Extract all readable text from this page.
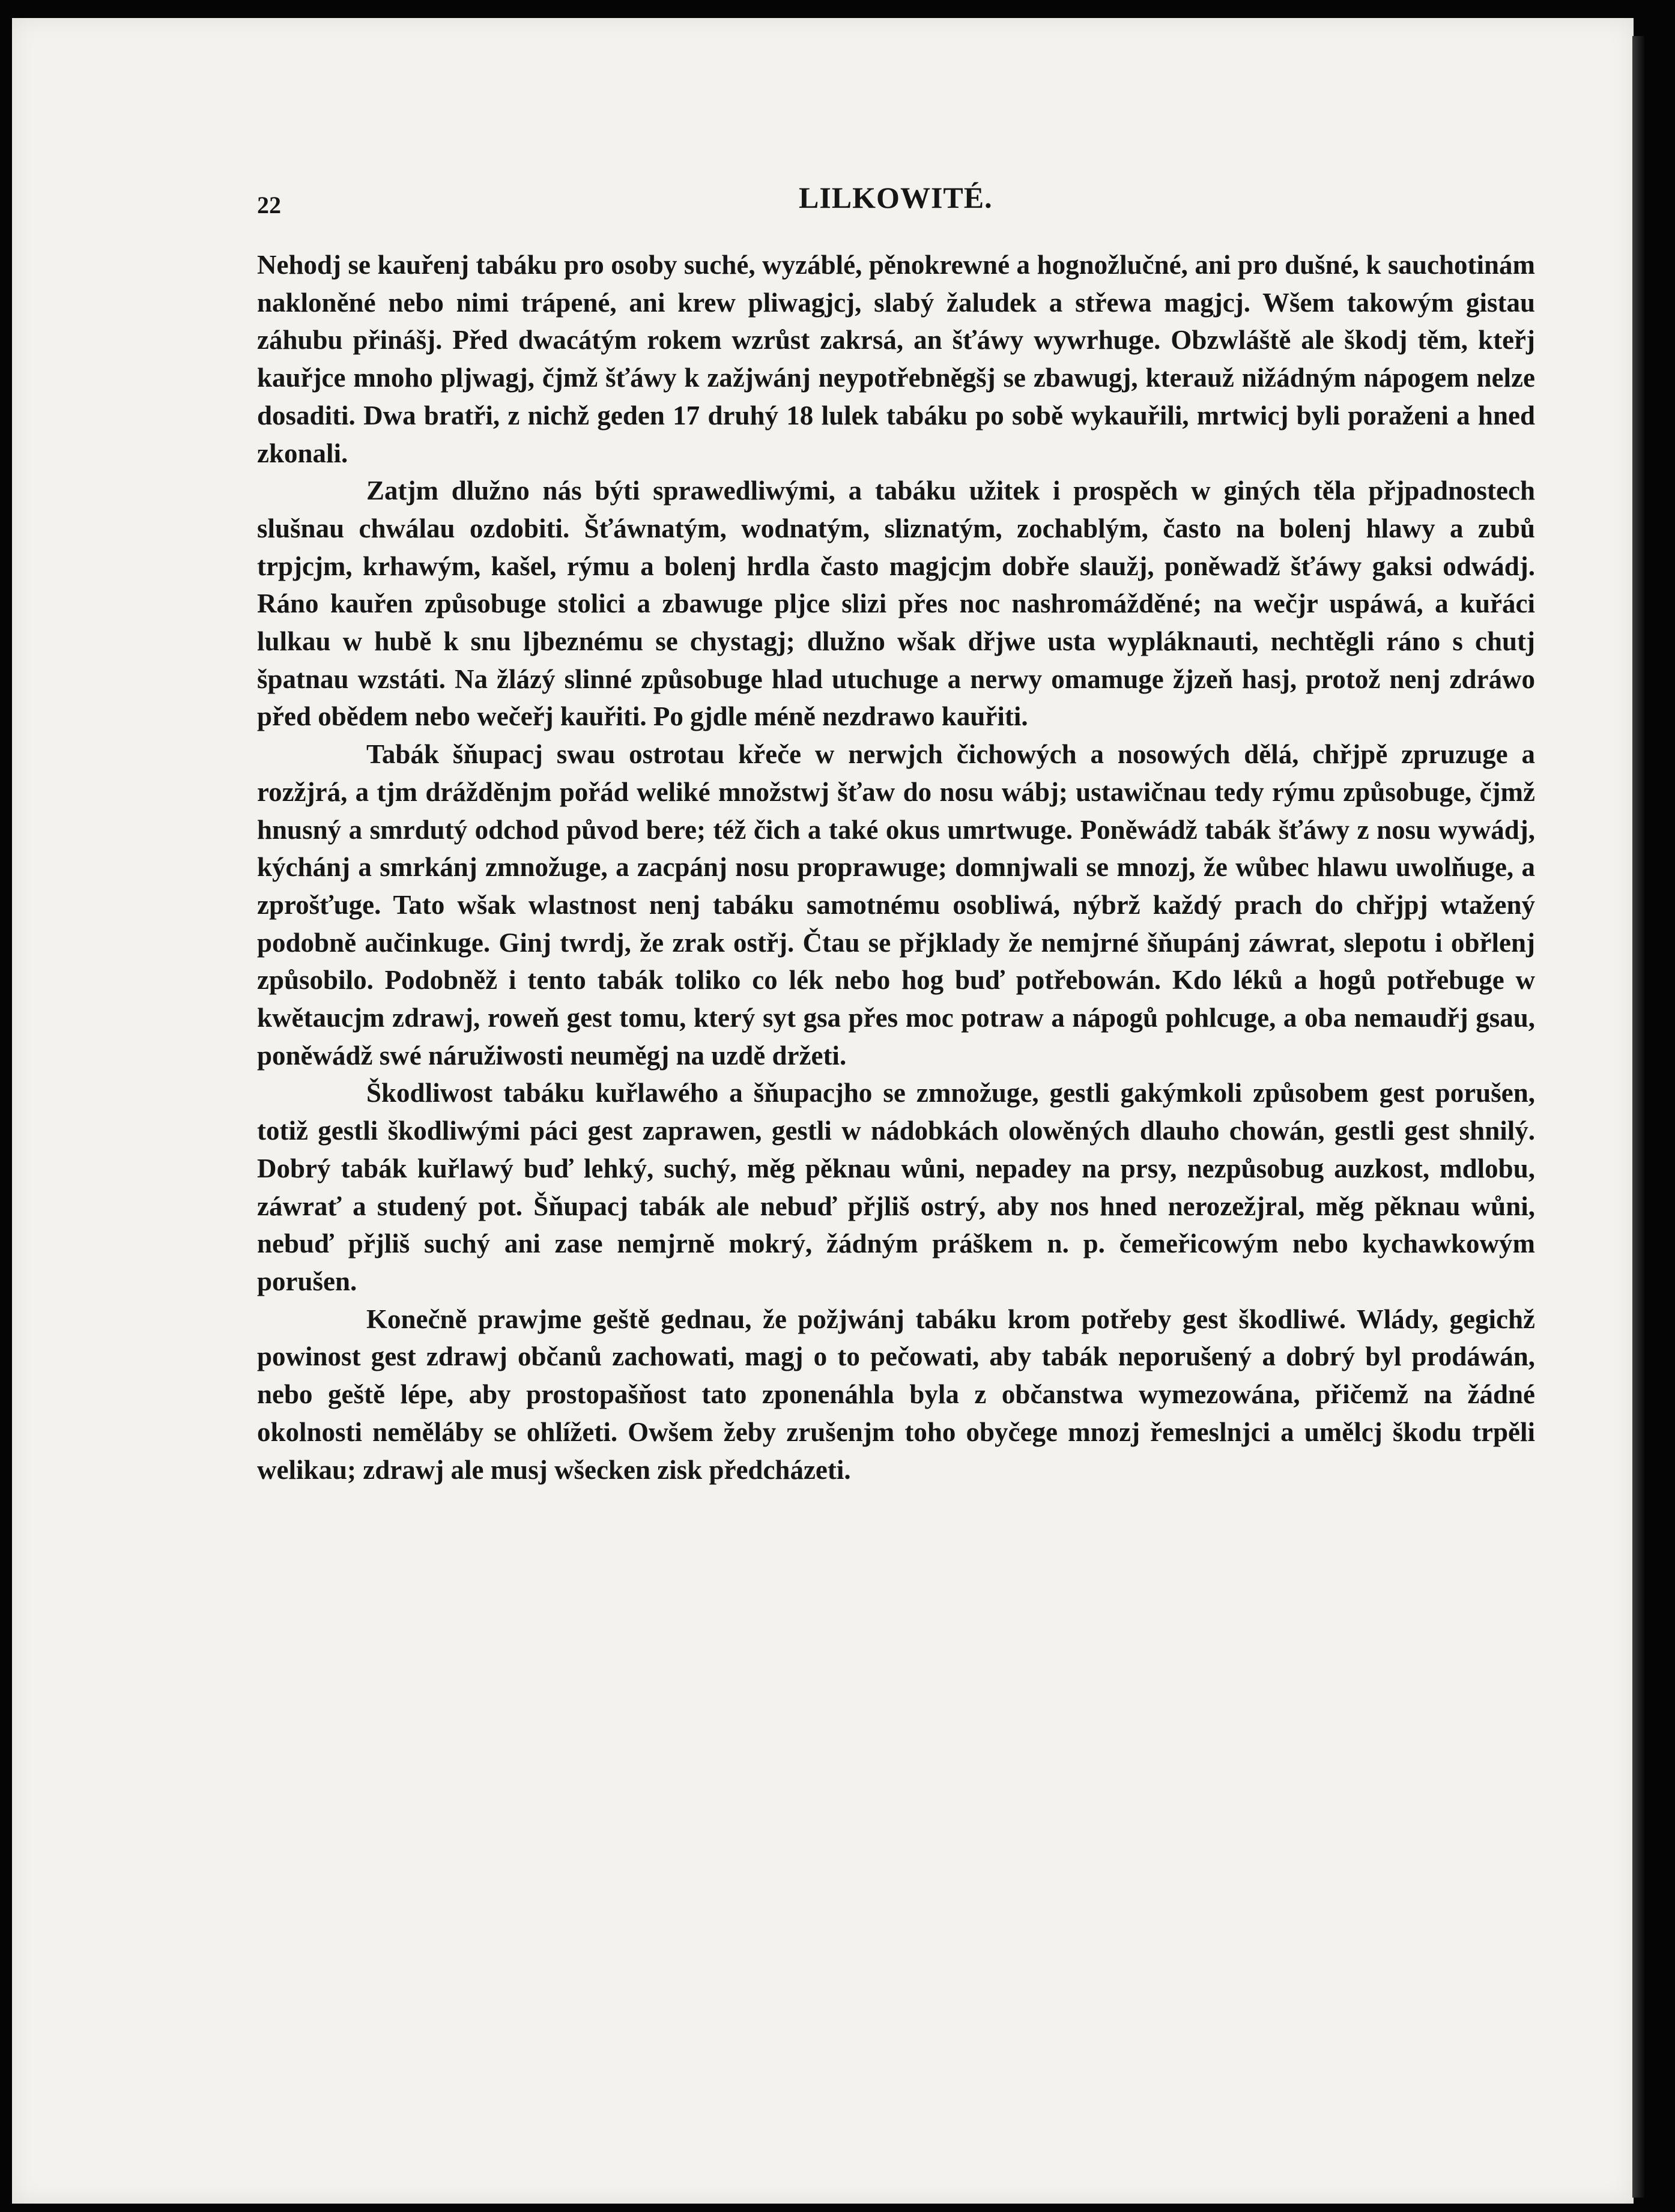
22	LILKOWITÉ.

Nehodj se kauřenj tabáku pro osoby suché, wyzáblé, pěnokrewné a hognožlučné, ani pro dušné, k sauchotinám nakloněné nebo nimi trápené, ani krew pliwagjcj, slabý žaludek a střewa magjcj. Wšem takowým gistau záhubu přinášj. Před dwacátým rokem wzrůst zakrsá, an šťáwy wywrhuge. Obzwláště ale škodj těm, kteřj kauřjce mnoho pljwagj, čjmž šťáwy k zažjwánj neypotřebněgšj se zbawugj, kterauž nižádným nápogem nelze dosaditi. Dwa bratři, z nichž geden 17 druhý 18 lulek tabáku po sobě wykauřili, mrtwicj byli poraženi a hned zkonali.

Zatjm dlužno nás býti sprawedliwými, a tabáku užitek i prospěch w giných těla přjpadnostech slušnau chwálau ozdobiti. Šťáwnatým, wodnatým, sliznatým, zochablým, často na bolenj hlawy a zubů trpjcjm, krhawým, kašel, rýmu a bolenj hrdla často magjcjm dobře slaužj, poněwadž šťáwy gaksi odwádj. Ráno kauřen způsobuge stolici a zbawuge pljce slizi přes noc nashromážděné; na wečjr uspáwá, a kuřáci lulkau w hubě k snu ljbeznému se chystagj; dlužno wšak dřjwe usta wypláknauti, nechtěgli ráno s chutj špatnau wzstáti. Na žlázý slinné způsobuge hlad utuchuge a nerwy omamuge žjzeň hasj, protož nenj zdráwo před obědem nebo wečeřj kauřiti. Po gjdle méně nezdrawo kauřiti.

Tabák šňupacj swau ostrotau křeče w nerwjch čichowých a nosowých dělá, chřjpě zpruzuge a rozžjrá, a tjm drážděnjm pořád weliké množstwj šťaw do nosu wábj; ustawičnau tedy rýmu způsobuge, čjmž hnusný a smrdutý odchod původ bere; též čich a také okus umrtwuge. Poněwádž tabák šťáwy z nosu wywádj, kýchánj a smrkánj zmnožuge, a zacpánj nosu proprawuge; domnjwali se mnozj, že wůbec hlawu uwolňuge, a zprošťuge. Tato wšak wlastnost nenj tabáku samotnému osobliwá, nýbrž každý prach do chřjpj wtažený podobně aučinkuge. Ginj twrdj, že zrak ostřj. Čtau se přjklady že nemjrné šňupánj záwrat, slepotu i obřlenj způsobilo. Podobněž i tento tabák toliko co lék nebo hog buď potřebowán. Kdo léků a hogů potřebuge w kwětaucjm zdrawj, roweň gest tomu, který syt gsa přes moc potraw a nápogů pohlcuge, a oba nemaudřj gsau, poněwádž swé náružiwosti neuměgj na uzdě držeti.

Škodliwost tabáku kuřlawého a šňupacjho se zmnožuge, gestli gakýmkoli způsobem gest porušen, totiž gestli škodliwými páci gest zaprawen, gestli w nádobkách olowěných dlauho chowán, gestli gest shnilý. Dobrý tabák kuřlawý buď lehký, suchý, měg pěknau wůni, nepadey na prsy, nezpůsobug auzkost, mdlobu, záwrať a studený pot. Šňupacj tabák ale nebuď přjliš ostrý, aby nos hned nerozežjral, měg pěknau wůni, nebuď přjliš suchý ani zase nemjrně mokrý, žádným práškem n. p. čemeřicowým nebo kychawkowým porušen.

Konečně prawjme geště gednau, že požjwánj tabáku krom potřeby gest škodliwé. Wlády, gegichž powinost gest zdrawj občanů zachowati, magj o to pečowati, aby tabák neporušený a dobrý byl prodáwán, nebo geště lépe, aby prostopašňost tato zponenáhla byla z občanstwa wymezowána, přičemž na žádné okolnosti neměláby se ohlížeti. Owšem žeby zrušenjm toho obyčege mnozj řemeslnjci a umělcj škodu trpěli welikau; zdrawj ale musj wšecken zisk předcházeti.
